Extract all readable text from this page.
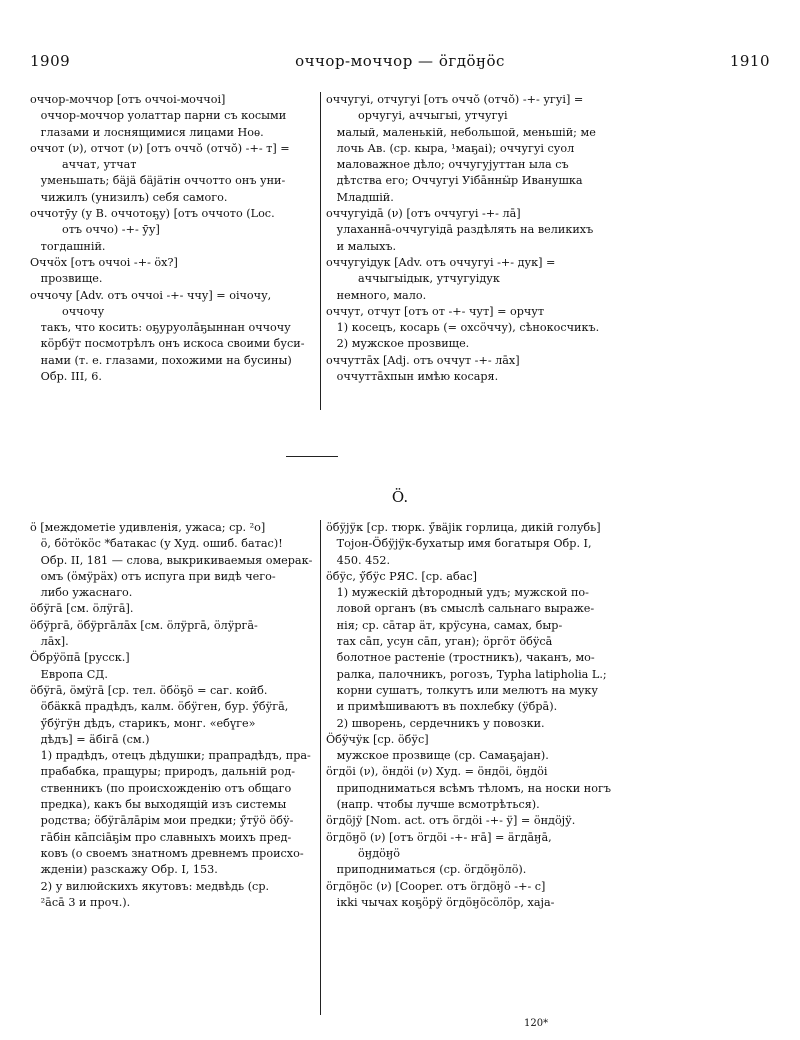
1909	оччор-моччор — ӧгдӧӈӧс	1910

оччор-моччор [отъ оччоі-моччоі]

оччор-моччор уолаттар парни съ косыми

глазами и лоснящимися лицами Ноѳ.

оччот (ν), отчот (ν) [отъ оччŏ (отчŏ) -+- т] =

аччат, утчат

уменьшать; бäjä бäjäтін оччотто онъ уни-

чижилъ (унизилъ) себя самого.

оччотӯу (у В. оччотоҕу) [отъ оччото (Loc.

отъ оччо) -+- ӯу]

тогдашній.

Оччӧх [отъ оччоі -+- ӧх?]

прозвище.

оччочу [Adv. отъ оччоі -+- ччу] = оічочу,

оччочу

такъ, что косить: оҕуруолāҕыннан оччочу

кӧрбӱт посмотрѣлъ онъ искоса своими буси-

нами (т. е. глазами, похожими на бусины)

Обр. III, 6.

оччугуі, отчугуі [отъ оччŏ (отчŏ) -+- угуі] =

орчугуі, аччыгыі, утчугуі

малый, маленькій, небольшой, меньшій; ме

лочь Ав. (ср. кыра, ¹маҕаі); оччугуі суол

маловажное дѣло; оччугуjуттан ыла съ

дѣтства его; Оччугуі Уібāннӹр Иванушка

Младшій.

оччугуідā (ν) [отъ оччугуі -+- лā]

улаханнā-оччугуідā раздѣлять на великихъ

и малыхъ.

оччугуідук [Adv. отъ оччугуі -+- дук] =

аччыгыідык, утчугуідук

немного, мало.

оччут, отчут [отъ от -+- чут] = орчут

1) косецъ, косарь (= охсӧччу), сѣнокосчикъ.

2) мужское прозвище.

оччуттāх [Adj. отъ оччут -+- лāх]

оччуттāхпын имѣю косаря.

Ö.

ӧ [междометіе удивленія, ужаса; ср. ²о]

ӧ, бӧтӧкӧс *батакас (у Худ. ошиб. батас)!

Обр. II, 181 — слова, выкрикиваемыя омерак-

омъ (ӧмӱрӓх) отъ испуга при видѣ чего-

либо ужаснаго.

ӧбӱгā [см. ӧлӱгā].

ӧбӱргā, ӧбӱргāлāх [см. ӧлӱргā, ӧлӱргā-

лāх].

Ӧбрӱӧпā [русск.]

Европа СД.

ӧбӱгā, ӧмӱгā [ср. тел. ӧбӧҕӧ = саг. койб.

ӧбӓккā прадѣдъ, калм. ӧбӱген, бур. ӳбӱгā,

ӳбӱгӱн дѣдъ, старикъ, монг. «ебүге»

дѣдъ] = ӓбігā (см.)

1) прадѣдъ, отецъ дѣдушки; прапрадѣдъ, пра-

прабабка, пращуры; природъ, дальній род-

ственникъ (по происхожденію отъ общаго

предка), какъ бы выходящій изъ системы

родства; ӧбӱгāлāрім мои предки; ӳтӱӧ ӧбӱ-

гāбін кāпсіāҕім про славныхъ моихъ пред-

ковъ (о своемъ знатномъ древнемъ происхо-

жденіи) разскажу Обр. I, 153.

2) у вилюйскихъ якутовъ: медвѣдь (ср.

²āсā 3 и проч.).

ӧбӱjӱк [ср. тюрк. ӳвäjік горлица, дикій голубь]

Тоjон-Ӧбӱjӱк-бухатыр имя богатыря Обр. I,

450. 452.

ӧбӱс, ӳбӱс РЯС. [ср. абас]

1) мужескій дѣтородный удъ; мужской по-

ловой органъ (въ смыслѣ сальнаго выраже-

нія; ср. сāтар ӓт, крӱсуна, самах, быр-

тах сāп, усун сāп, уган); ӧргӧт ӧбӱсā

болотное растеніе (тростникъ), чаканъ, мо-

ралка, палочникъ, рогозъ, Typha latipholia L.;

корни сушатъ, толкутъ или мелютъ на муку

и примѣшиваютъ въ похлебку (ӱбрā).

2) шворень, сердечникъ у повозки.

Ӧбӱчӱк [ср. ӧбӱс]

мужское прозвище (ср. Самаҕаjан).

ӧгдӧі (ν), ӧндӧі (ν) Худ. = ӧндӧі, ӧӈдӧі

приподниматься всѣмъ тѣломъ, на носки ногъ

(напр. чтобы лучше всмотрѣться).

ӧгдӧjӱ [Nom. act. отъ ӧгдӧі -+- ӱ] = ӧндӧjӱ.

ӧгдӧӈӧ (ν) [отъ ӧгдӧі -+- ҥā] = ӓгдāӈā,

ӧӈдӧӈӧ

приподниматься (ср. ӧгдӧӈӧлӧ).

ӧгдӧӈӧс (ν) [Cooper. отъ ӧгдӧӈӧ -+- с]

ікki чычах коҕӧрӱ ӧгдӧӈӧсӧлӧр, хаjа-

120*
